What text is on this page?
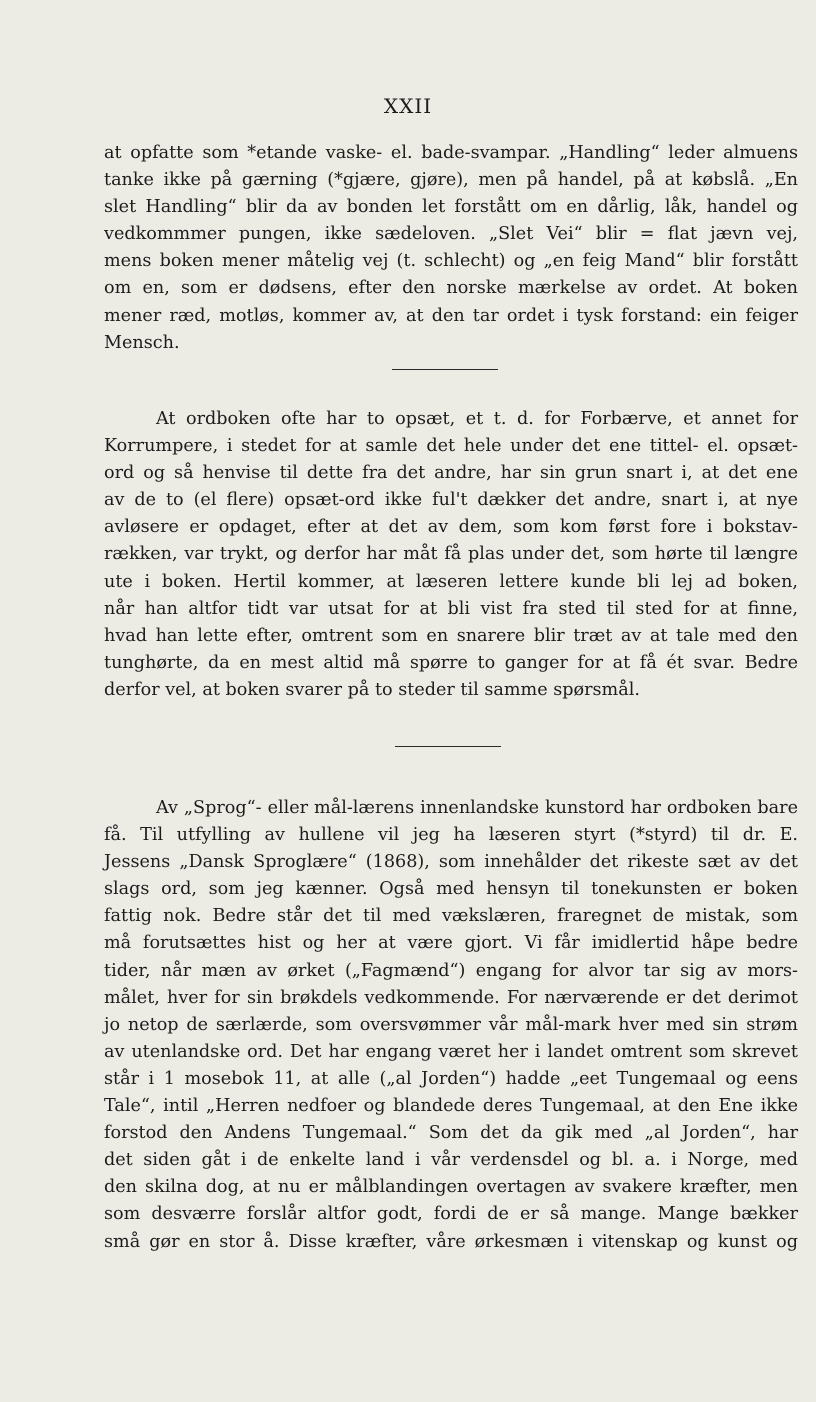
XXII
at opfatte som *etande vaske- el. bade-svampar. „Handling“ leder almuens
tanke ikke på gærning (*gjære, gjøre), men på handel, på at købslå. „En
slet Handling“ blir da av bonden let forstått om en dårlig, låk, handel og
vedkommmer pungen, ikke sædeloven. „Slet Vei“ blir = flat jævn vej,
mens boken mener måtelig vej (t. schlecht) og „en feig Mand“ blir forstått
om en, som er dødsens, efter den norske mærkelse av ordet. At boken
mener ræd, motløs, kommer av, at den tar ordet i tysk forstand: ein feiger
Mensch.
At ordboken ofte har to opsæt, et t. d. for Forbærve, et annet for
Korrumpere, i stedet for at samle det hele under det ene tittel- el. opsæt-
ord og så henvise til dette fra det andre, har sin grun snart i, at det ene
av de to (el flere) opsæt-ord ikke ful't dækker det andre, snart i, at nye
avløsere er opdaget, efter at det av dem, som kom først fore i bokstav-
rækken, var trykt, og derfor har måt få plas under det, som hørte til længre
ute i boken. Hertil kommer, at læseren lettere kunde bli lej ad boken,
når han altfor tidt var utsat for at bli vist fra sted til sted for at finne,
hvad han lette efter, omtrent som en snarere blir træt av at tale med den
tunghørte, da en mest altid må spørre to ganger for at få ét svar. Bedre
derfor vel, at boken svarer på to steder til samme spørsmål.
Av „Sprog“- eller mål-lærens innenlandske kunstord har ordboken bare
få. Til utfylling av hullene vil jeg ha læseren styrt (*styrd) til dr. E.
Jessens „Dansk Sproglære“ (1868), som innehålder det rikeste sæt av det
slags ord, som jeg kænner. Også med hensyn til tonekunsten er boken
fattig nok. Bedre står det til med vækslæren, fraregnet de mistak, som
må forutsættes hist og her at være gjort. Vi får imidlertid håpe bedre
tider, når mæn av ørket („Fagmænd“) engang for alvor tar sig av mors-
målet, hver for sin brøkdels vedkommende. For nærværende er det derimot
jo netop de særlærde, som oversvømmer vår mål-mark hver med sin strøm
av utenlandske ord. Det har engang været her i landet omtrent som skrevet
står i 1 mosebok 11, at alle („al Jorden“) hadde „eet Tungemaal og eens
Tale“, intil „Herren nedfoer og blandede deres Tungemaal, at den Ene ikke
forstod den Andens Tungemaal.“ Som det da gik med „al Jorden“, har
det siden gåt i de enkelte land i vår verdensdel og bl. a. i Norge, med
den skilna dog, at nu er målblandingen overtagen av svakere kræfter, men
som desværre forslår altfor godt, fordi de er så mange. Mange bækker
små gør en stor å. Disse kræfter, våre ørkesmæn i vitenskap og kunst og
